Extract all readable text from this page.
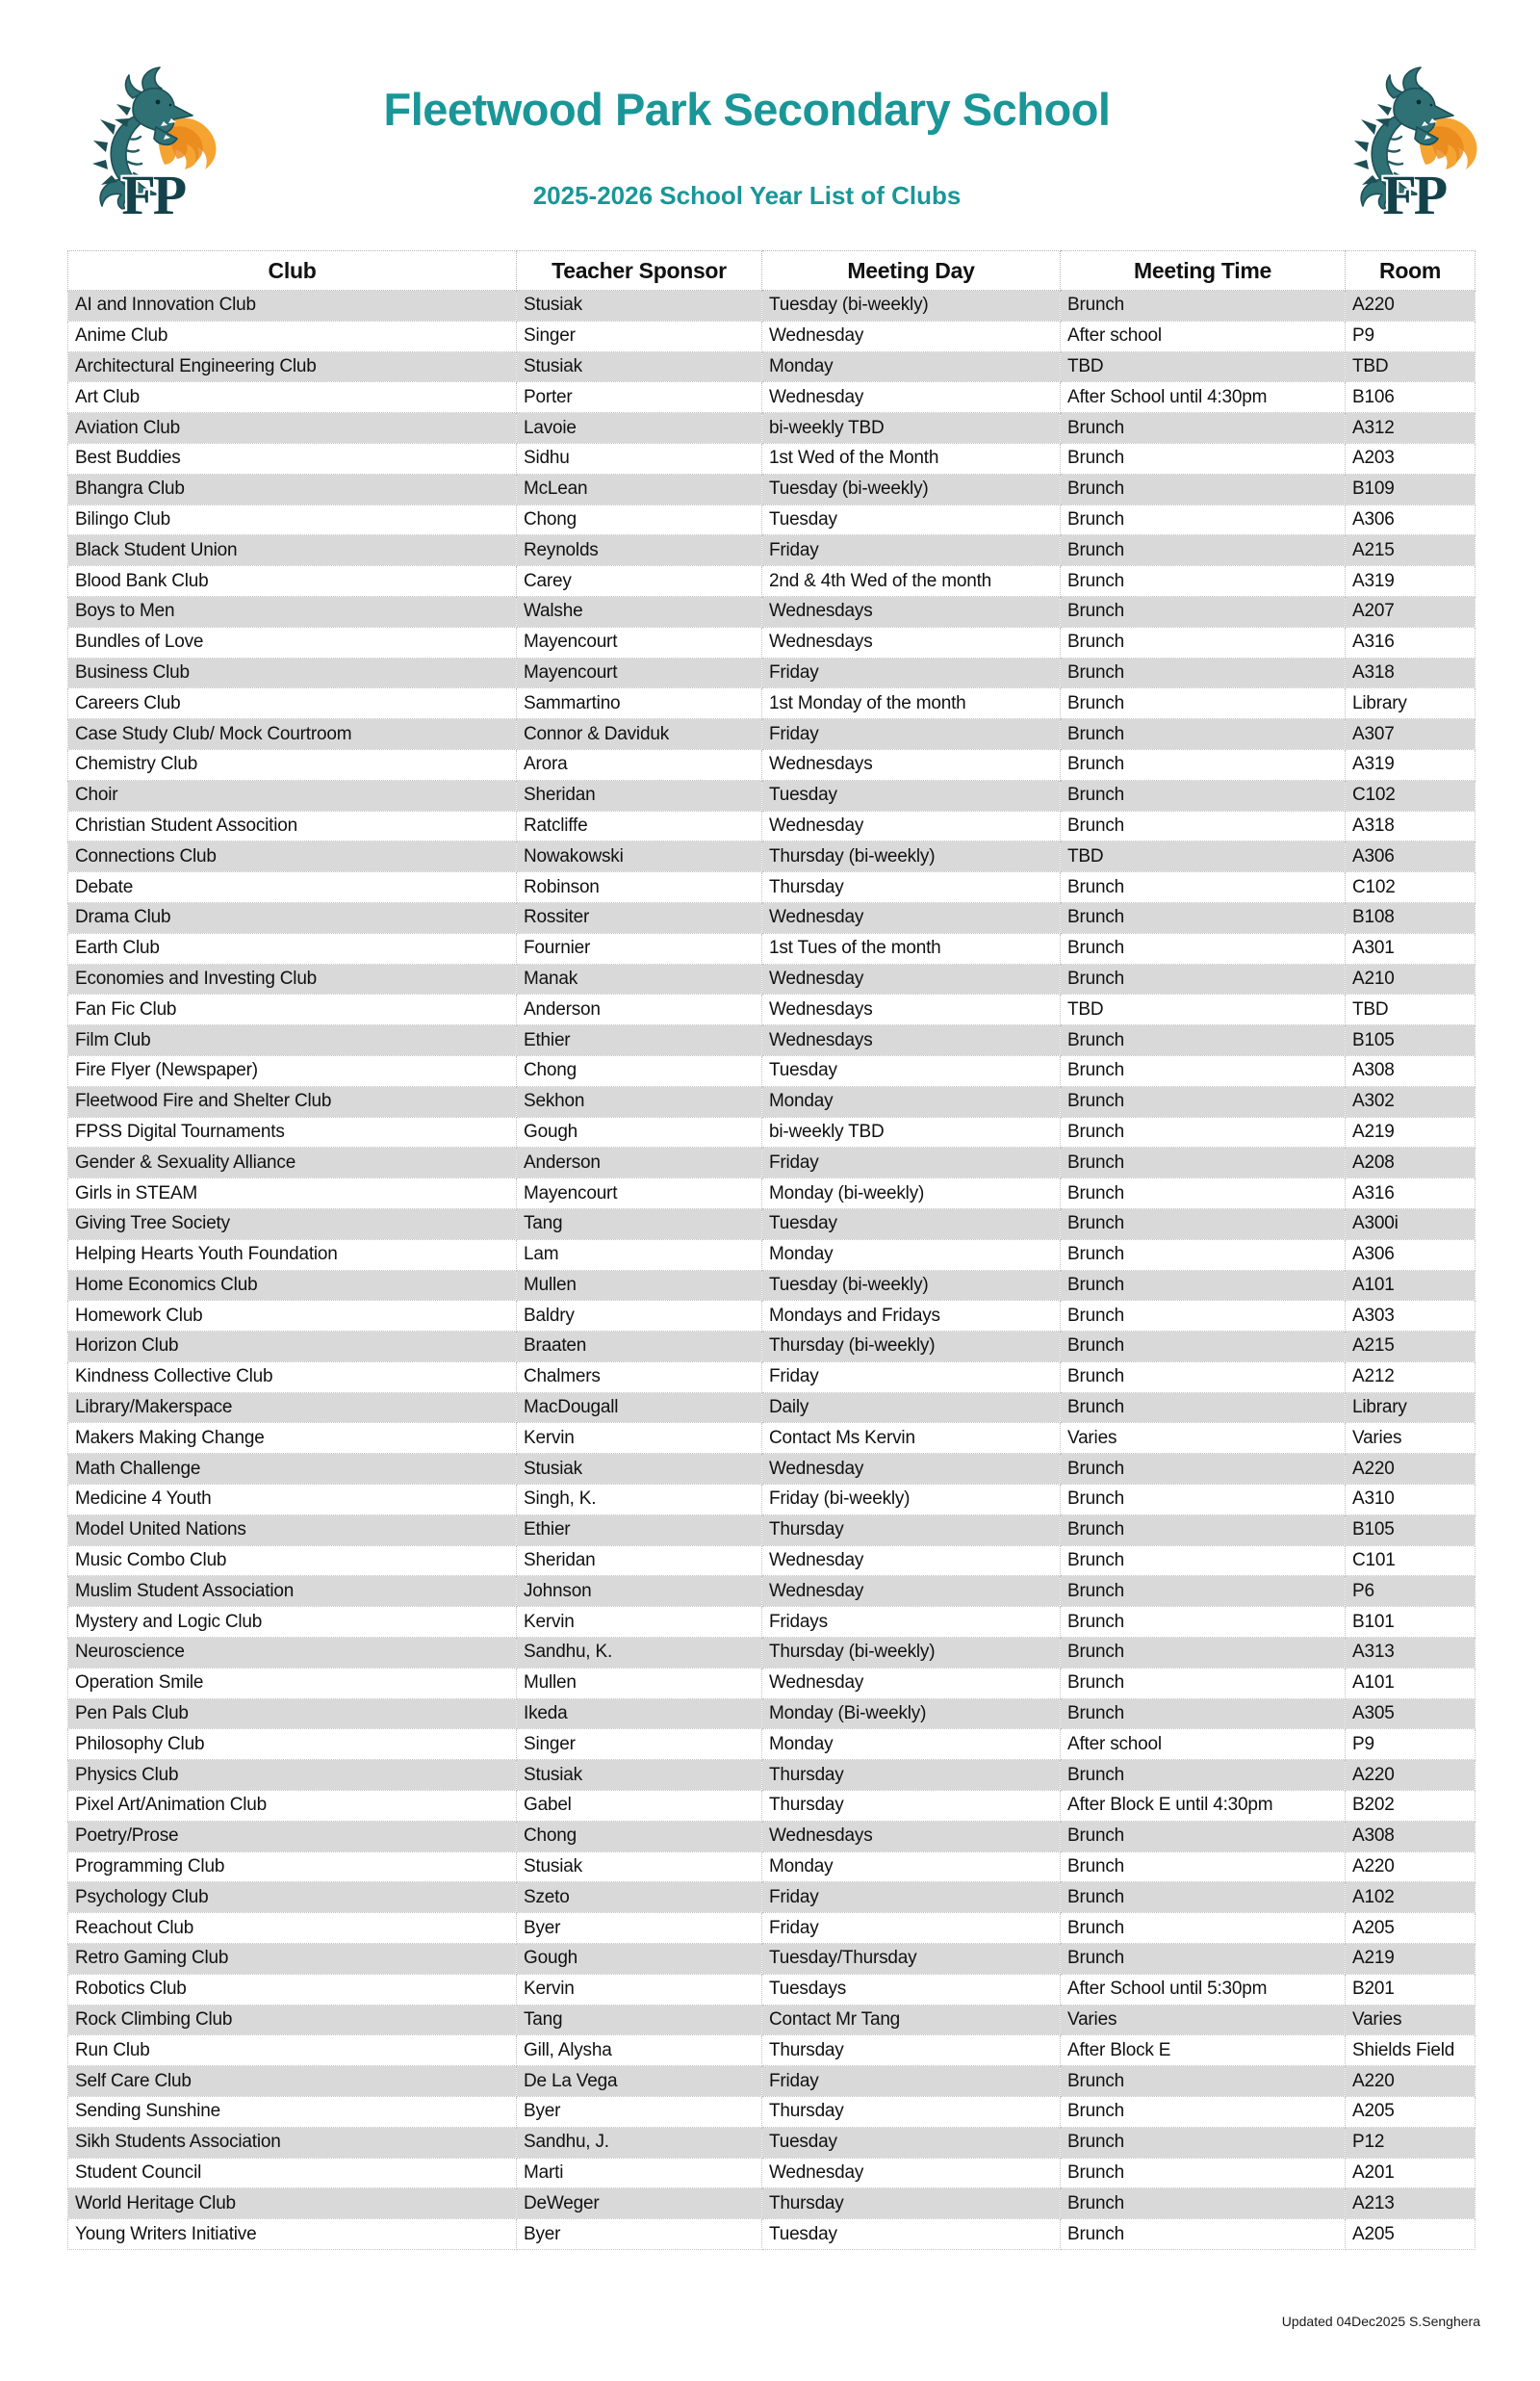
FP
Fleetwood Park Secondary School
2025-2026 School Year List of Clubs	FP
Club	Teacher Sponsor	Meeting Day	Meeting Time	Room
AI and Innovation Club	Stusiak	Tuesday (bi-weekly)	Brunch	A220
Anime Club	Singer	Wednesday	After school	P9
Architectural Engineering Club	Stusiak	Monday	TBD	TBD
Art Club	Porter	Wednesday	After School until 4:30pm	B106
Aviation Club	Lavoie	bi-weekly TBD	Brunch	A312
Best Buddies	Sidhu	1st Wed of the Month	Brunch	A203
Bhangra Club	McLean	Tuesday (bi-weekly)	Brunch	B109
Bilingo Club	Chong	Tuesday	Brunch	A306
Black Student Union	Reynolds	Friday	Brunch	A215
Blood Bank Club	Carey	2nd & 4th Wed of the month	Brunch	A319
Boys to Men	Walshe	Wednesdays	Brunch	A207
Bundles of Love	Mayencourt	Wednesdays	Brunch	A316
Business Club	Mayencourt	Friday	Brunch	A318
Careers Club	Sammartino	1st Monday of the month	Brunch	Library
Case Study Club/ Mock Courtroom	Connor & Daviduk	Friday	Brunch	A307
Chemistry Club	Arora	Wednesdays	Brunch	A319
Choir	Sheridan	Tuesday	Brunch	C102
Christian Student Assocition	Ratcliffe	Wednesday	Brunch	A318
Connections Club	Nowakowski	Thursday (bi-weekly)	TBD	A306
Debate	Robinson	Thursday	Brunch	C102
Drama Club	Rossiter	Wednesday	Brunch	B108
Earth Club	Fournier	1st Tues of the month	Brunch	A301
Economies and Investing Club	Manak	Wednesday	Brunch	A210
Fan Fic Club	Anderson	Wednesdays	TBD	TBD
Film Club	Ethier	Wednesdays	Brunch	B105
Fire Flyer (Newspaper)	Chong	Tuesday	Brunch	A308
Fleetwood Fire and Shelter Club	Sekhon	Monday	Brunch	A302
FPSS Digital Tournaments	Gough	bi-weekly TBD	Brunch	A219
Gender & Sexuality Alliance	Anderson	Friday	Brunch	A208
Girls in STEAM	Mayencourt	Monday (bi-weekly)	Brunch	A316
Giving Tree Society	Tang	Tuesday	Brunch	A300i
Helping Hearts Youth Foundation	Lam	Monday	Brunch	A306
Home Economics Club	Mullen	Tuesday (bi-weekly)	Brunch	A101
Homework Club	Baldry	Mondays and Fridays	Brunch	A303
Horizon Club	Braaten	Thursday (bi-weekly)	Brunch	A215
Kindness Collective Club	Chalmers	Friday	Brunch	A212
Library/Makerspace	MacDougall	Daily	Brunch	Library
Makers Making Change	Kervin	Contact Ms Kervin	Varies	Varies
Math Challenge	Stusiak	Wednesday	Brunch	A220
Medicine 4 Youth	Singh, K.	Friday (bi-weekly)	Brunch	A310
Model United Nations	Ethier	Thursday	Brunch	B105
Music Combo Club	Sheridan	Wednesday	Brunch	C101
Muslim Student Association	Johnson	Wednesday	Brunch	P6
Mystery and Logic Club	Kervin	Fridays	Brunch	B101
Neuroscience	Sandhu, K.	Thursday (bi-weekly)	Brunch	A313
Operation Smile	Mullen	Wednesday	Brunch	A101
Pen Pals Club	Ikeda	Monday (Bi-weekly)	Brunch	A305
Philosophy Club	Singer	Monday	After school	P9
Physics Club	Stusiak	Thursday	Brunch	A220
Pixel Art/Animation Club	Gabel	Thursday	After Block E until 4:30pm	B202
Poetry/Prose	Chong	Wednesdays	Brunch	A308
Programming Club	Stusiak	Monday	Brunch	A220
Psychology Club	Szeto	Friday	Brunch	A102
Reachout Club	Byer	Friday	Brunch	A205
Retro Gaming Club	Gough	Tuesday/Thursday	Brunch	A219
Robotics Club	Kervin	Tuesdays	After School until 5:30pm	B201
Rock Climbing Club	Tang	Contact Mr Tang	Varies	Varies
Run Club	Gill, Alysha	Thursday	After Block E	Shields Field
Self Care Club	De La Vega	Friday	Brunch	A220
Sending Sunshine	Byer	Thursday	Brunch	A205
Sikh Students Association	Sandhu, J.	Tuesday	Brunch	P12
Student Council	Marti	Wednesday	Brunch	A201
World Heritage Club	DeWeger	Thursday	Brunch	A213
Young Writers Initiative	Byer	Tuesday	Brunch	A205
Updated 04Dec2025 S.Senghera
